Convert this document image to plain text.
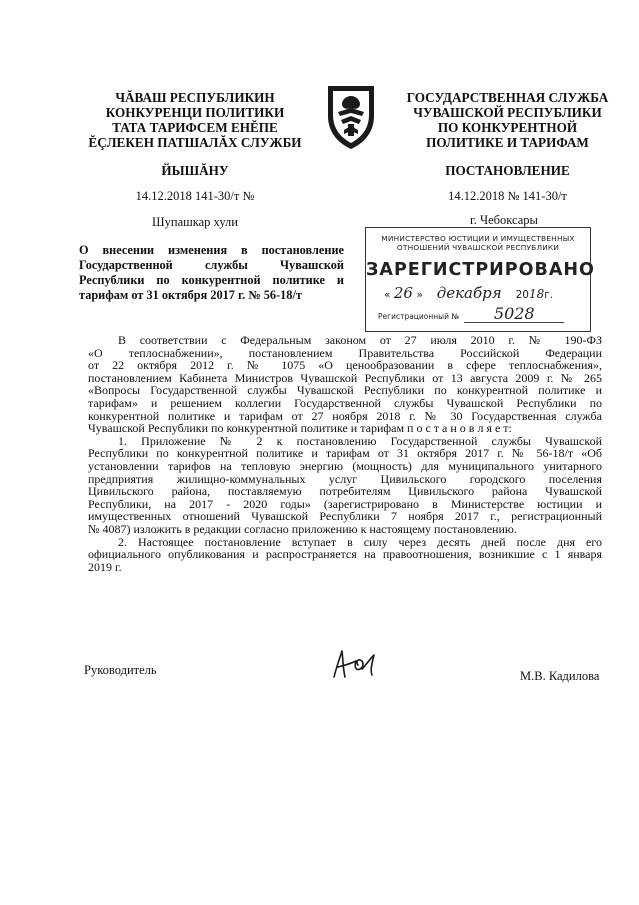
ЧĂВАШ РЕСПУБЛИКИН
КОНКУРЕНЦИ ПОЛИТИКИ
ТАТА ТАРИФСЕМ ЕНĔПЕ
ĔÇЛЕКЕН ПАТШАЛĂХ СЛУЖБИ
ЙЫШĂНУ
14.12.2018 141-30/т №
Шупашкар хули
ГОСУДАРСТВЕННАЯ СЛУЖБА
ЧУВАШСКОЙ РЕСПУБЛИКИ
ПО КОНКУРЕНТНОЙ
ПОЛИТИКЕ И ТАРИФАМ
ПОСТАНОВЛЕНИЕ
14.12.2018 № 141-30/т
г. Чебоксары
О внесении изменения в постановление
Государственной службы Чувашской
Республики по конкурентной политике и
тарифам от 31 октября 2017 г. № 56-18/т
МИНИСТЕРСТВО ЮСТИЦИИ И ИМУЩЕСТВЕННЫХ
ОТНОШЕНИЙ ЧУВАШСКОЙ РЕСПУБЛИКИ
ЗАРЕГИСТРИРОВАНО
« 26 » декабря 2018г.
Регистрационный № 5028
В соответствии с Федеральным законом от 27 июля 2010 г. № 190-ФЗ
«О теплоснабжении», постановлением Правительства Российской Федерации
от 22 октября 2012 г. № 1075 «О ценообразовании в сфере теплоснабжения»,
постановлением Кабинета Министров Чувашской Республики от 13 августа 2009 г. № 265
«Вопросы Государственной службы Чувашской Республики по конкурентной политике и
тарифам» и решением коллегии Государственной службы Чувашской Республики по
конкурентной политике и тарифам от 27 ноября 2018 г. № 30 Государственная служба
Чувашской Республики по конкурентной политике и тарифам п о с т а н о в л я е т:
1. Приложение № 2 к постановлению Государственной службы Чувашской
Республики по конкурентной политике и тарифам от 31 октября 2017 г. № 56-18/т «Об
установлении тарифов на тепловую энергию (мощность) для муниципального унитарного
предприятия жилищно-коммунальных услуг Цивильского городского поселения
Цивильского района, поставляемую потребителям Цивильского района Чувашской
Республики, на 2017 - 2020 годы» (зарегистрировано в Министерстве юстиции и
имущественных отношений Чувашской Республики 7 ноября 2017 г., регистрационный
№ 4087) изложить в редакции согласно приложению к настоящему постановлению.
2. Настоящее постановление вступает в силу через десять дней после дня его
официального опубликования и распространяется на правоотношения, возникшие с 1 января
2019 г.
Руководитель	М.В. Кадилова
